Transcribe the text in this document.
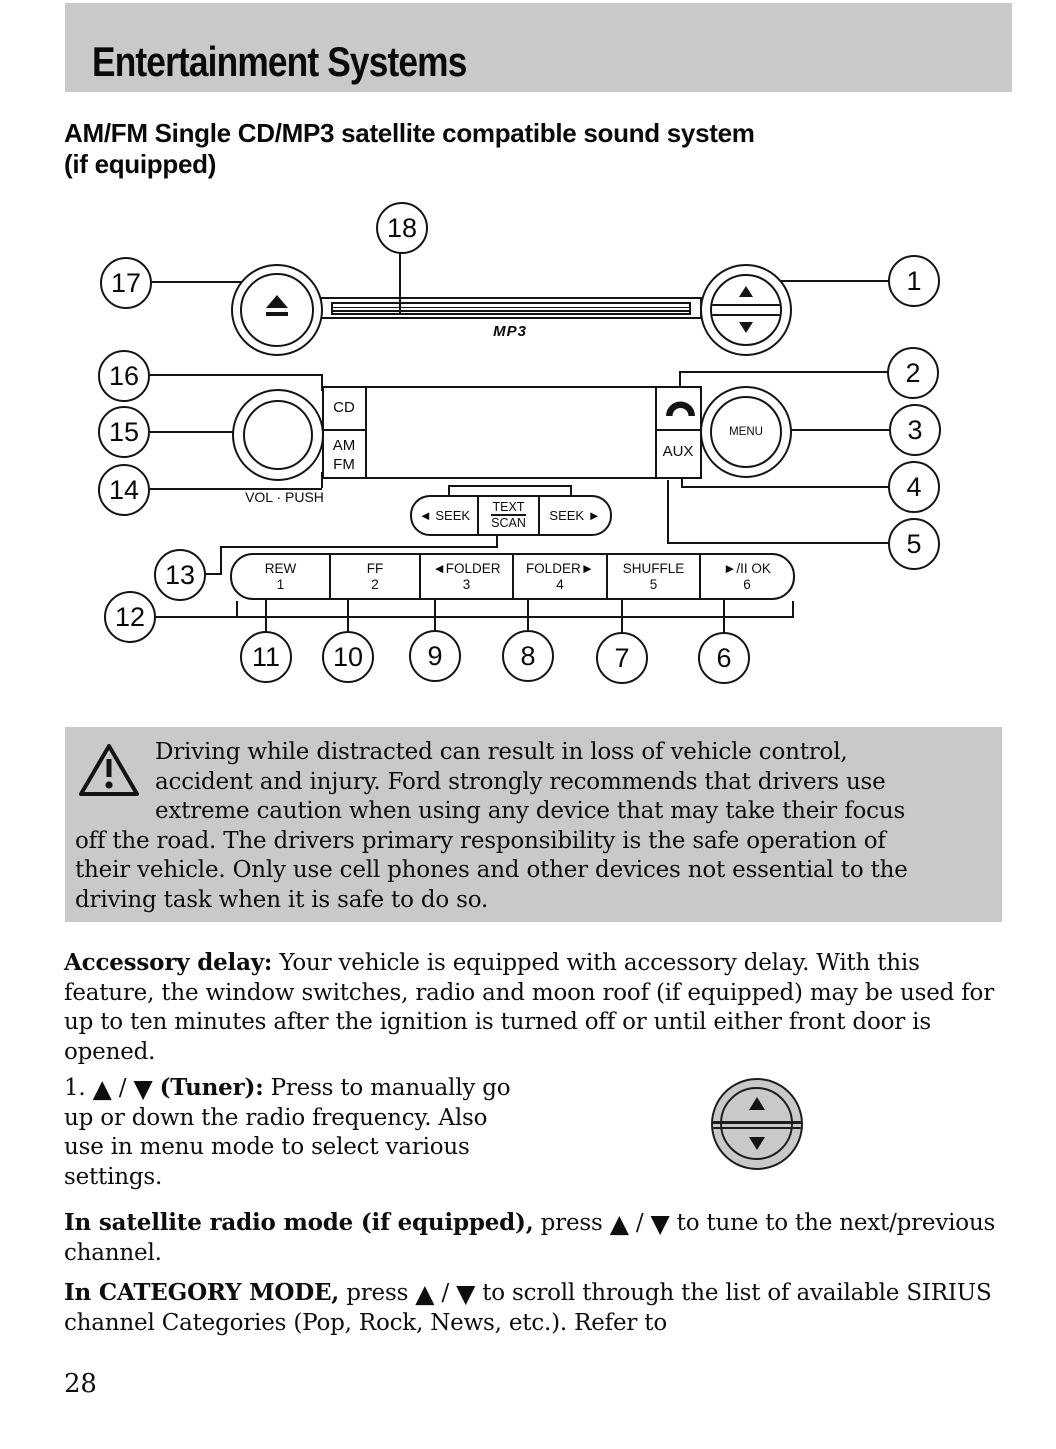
Entertainment Systems
AM/FM Single CD/MP3 satellite compatible sound system
(if equipped)
CD
AM
FM
AUX
MP3
VOL · PUSH
MENU
◄ SEEK
TEXT
SCAN SEEK ►
REW
1
FF
2
◄FOLDER
3
FOLDER►
4
SHUFFLE
5
►/II OK
6
1
2
3
4
5
6
7
8
9
10
11
12
13
14
15
16
17
18
Driving while distracted can result in loss of vehicle control, accident and injury. Ford strongly recommends that drivers use extreme caution when using any device that may take their focus off the road. The drivers primary responsibility is the safe operation of their vehicle. Only use cell phones and other devices not essential to the driving task when it is safe to do so.
Accessory delay: Your vehicle is equipped with accessory delay. With this feature, the window switches, radio and moon roof (if equipped) may be used for up to ten minutes after the ignition is turned off or until either front door is opened.
1. ▲ / ▼ (Tuner): Press to manually go up or down the radio frequency. Also use in menu mode to select various settings.
In satellite radio mode (if equipped), press ▲ / ▼ to tune to the next/previous channel.
In CATEGORY MODE, press ▲ / ▼ to scroll through the list of available SIRIUS channel Categories (Pop, Rock, News, etc.). Refer to
28
